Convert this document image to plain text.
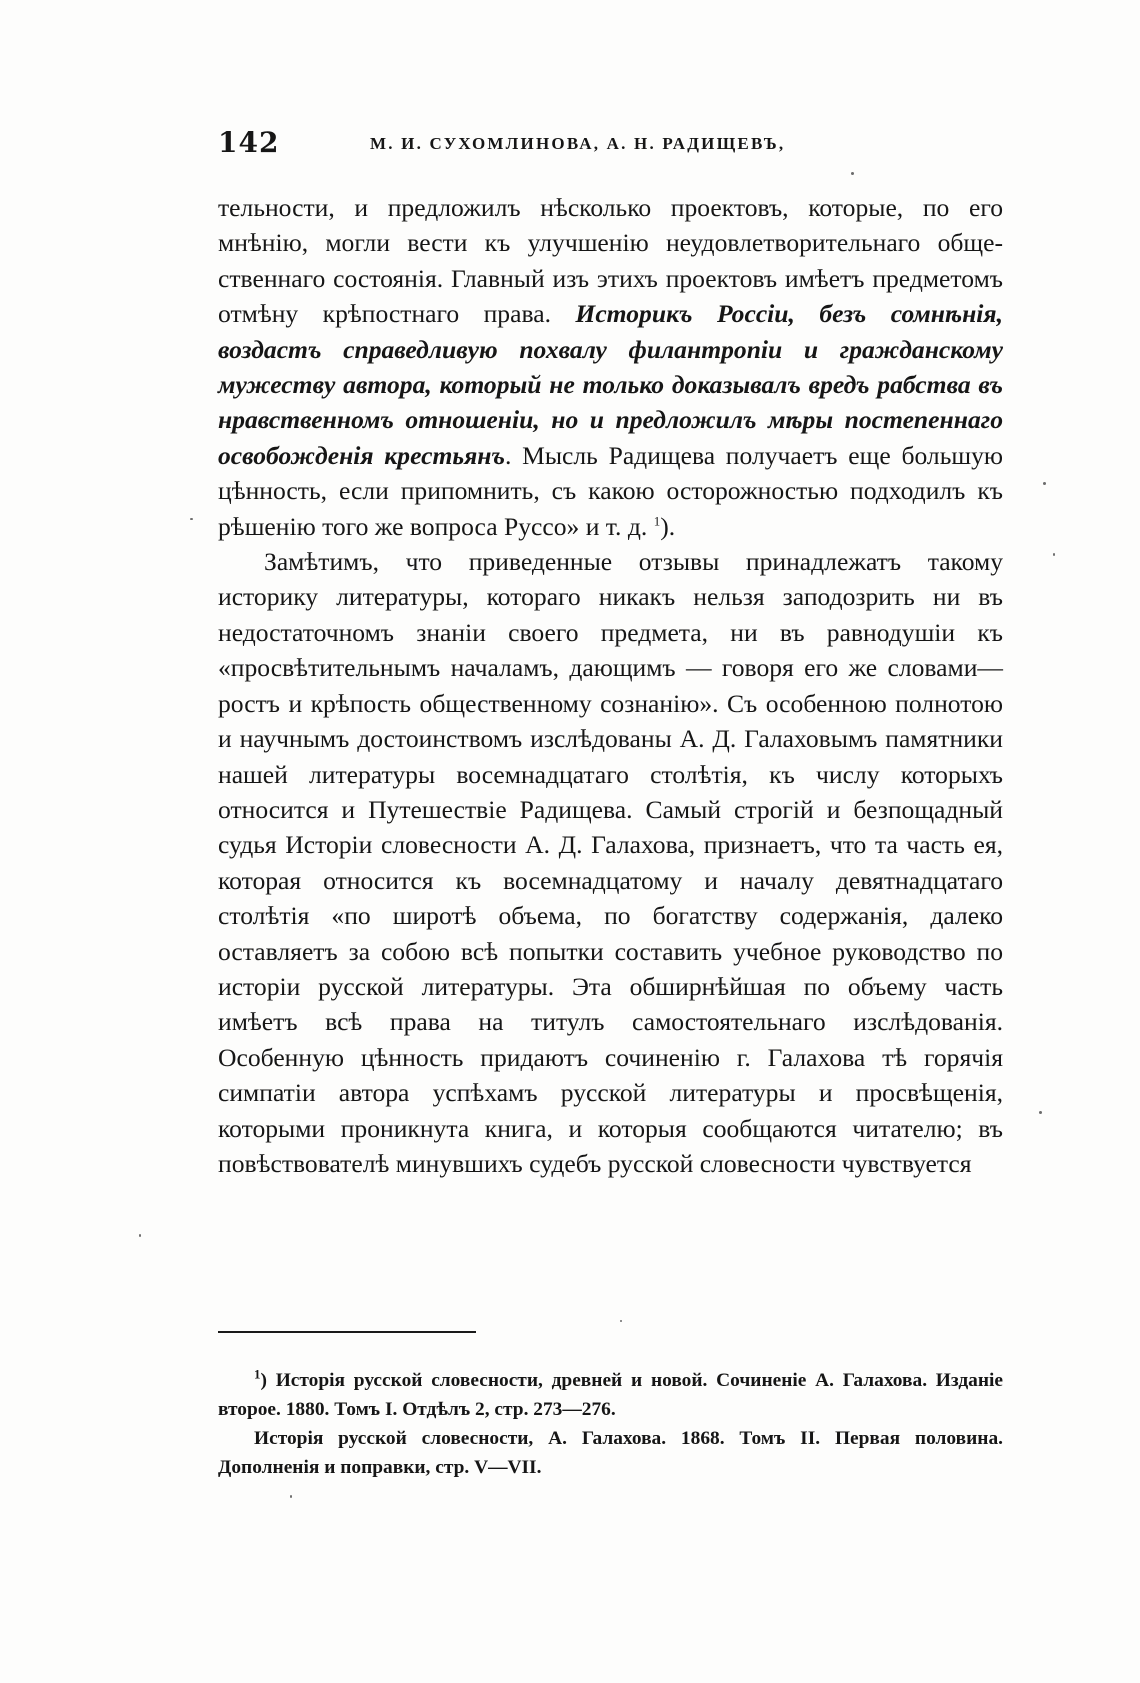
142	М. И. СУХОМЛИНОВА, А. Н. РАДИЩЕВЪ,

тельности, и предложилъ нѣсколько проектовъ, которые, по его мнѣнію, могли вести къ улучшенію неудовлетворительнаго общественнаго состоянія. Главный изъ этихъ проектовъ имѣетъ предметомъ отмѣну крѣпостнаго права. Историкъ Россіи, безъ сомнѣнія, воздастъ справедливую похвалу филантропіи и гражданскому мужеству автора, который не только доказывалъ вредъ рабства въ нравственномъ отношеніи, но и предложилъ мѣры постепеннаго освобожденія крестьянъ. Мысль Радищева получаетъ еще большую цѣнность, если припомнить, съ какою осторожностью подходилъ къ рѣшенію того же вопроса Руссо» и т. д. $^1$).

Замѣтимъ, что приведенные отзывы принадлежатъ такому историку литературы, котораго никакъ нельзя заподозрить ни въ недостаточномъ знаніи своего предмета, ни въ равнодушіи къ «просвѣтительнымъ началамъ, дающимъ — говоря его же словами—ростъ и крѣпость общественному сознанію». Съ особенною полнотою и научнымъ достоинствомъ изслѣдованы А. Д. Галаховымъ памятники нашей литературы восемнадцатаго столѣтія, къ числу которыхъ относится и Путешествіе Радищева. Самый строгій и безпощадный судья Исторіи словесности А. Д. Галахова, признаетъ, что та часть ея, которая относится къ восемнадцатому и началу девятнадцатаго столѣтія «по широтѣ объема, по богатству содержанія, далеко оставляетъ за собою всѣ попытки составить учебное руководство по исторіи русской литературы. Эта обширнѣйшая по объему часть имѣетъ всѣ права на титулъ самостоятельнаго изслѣдованія. Особенную цѣнность придаютъ сочиненію г. Галахова тѣ горячія симпатіи автора успѣхамъ русской литературы и просвѣщенія, которыми проникнута книга, и которыя сообщаются читателю; въ повѣствователѣ минувшихъ судебъ русской словесности чувствуется

$^1$) Исторія русской словесности, древней и новой. Сочиненіе А. Галахова. Изданіе второе. 1880. Томъ I. Отдѣлъ 2, стр. 273—276.

Исторія русской словесности, А. Галахова. 1868. Томъ II. Первая половина. Дополненія и поправки, стр. V—VII.
